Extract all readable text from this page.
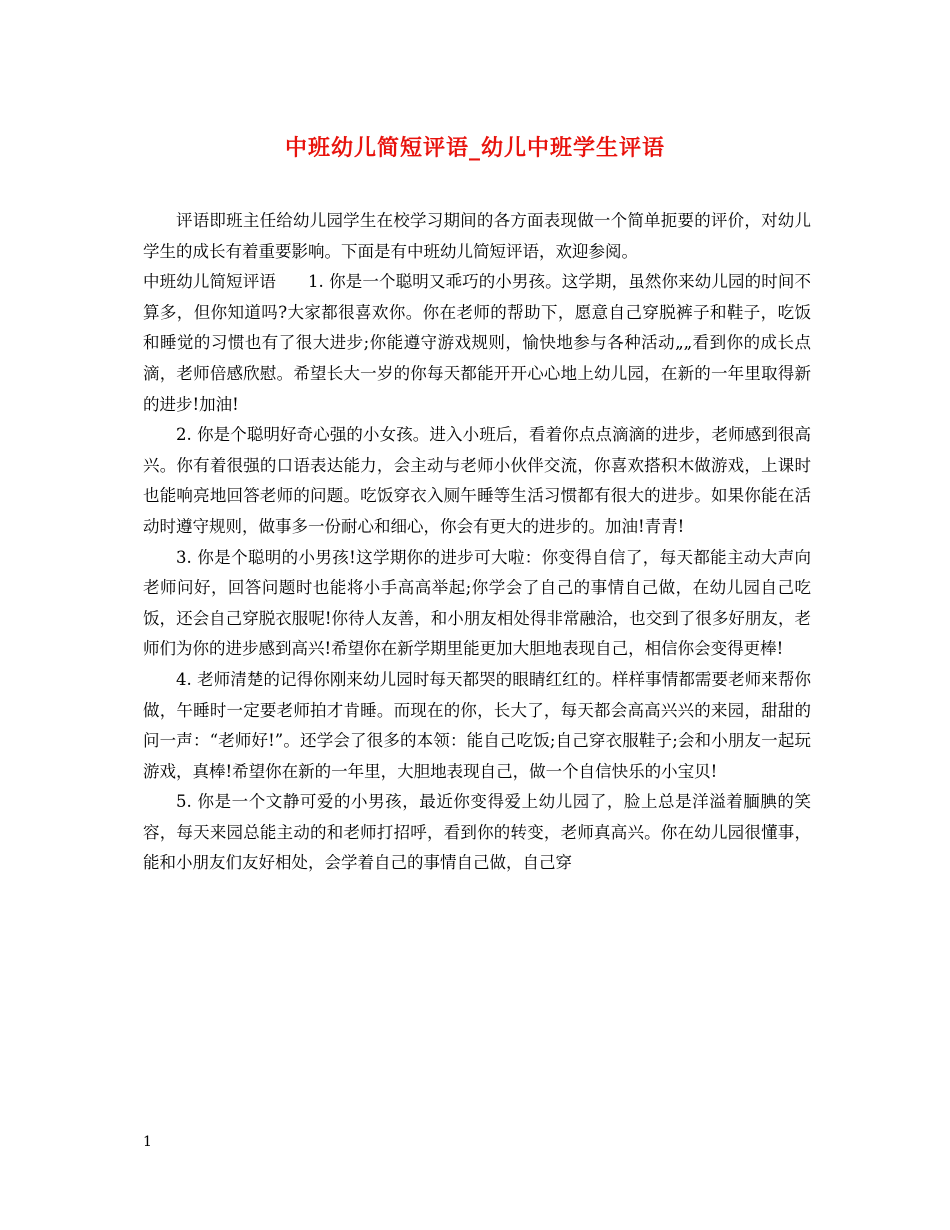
中班幼儿简短评语_幼儿中班学生评语

评语即班主任给幼儿园学生在校学习期间的各方面表现做一个简单扼要的评价，对幼儿学生的成长有着重要影响。下面是有中班幼儿简短评语，欢迎参阅。

中班幼儿简短评语 1. 你是一个聪明又乖巧的小男孩。这学期，虽然你来幼儿园的时间不算多，但你知道吗?大家都很喜欢你。你在老师的帮助下，愿意自己穿脱裤子和鞋子，吃饭和睡觉的习惯也有了很大进步;你能遵守游戏规则，愉快地参与各种活动„„看到你的成长点滴，老师倍感欣慰。希望长大一岁的你每天都能开开心心地上幼儿园，在新的一年里取得新的进步!加油!

2. 你是个聪明好奇心强的小女孩。进入小班后，看着你点点滴滴的进步，老师感到很高兴。你有着很强的口语表达能力，会主动与老师小伙伴交流，你喜欢搭积木做游戏，上课时也能响亮地回答老师的问题。吃饭穿衣入厕午睡等生活习惯都有很大的进步。如果你能在活动时遵守规则，做事多一份耐心和细心，你会有更大的进步的。加油!青青!

3. 你是个聪明的小男孩!这学期你的进步可大啦：你变得自信了，每天都能主动大声向老师问好，回答问题时也能将小手高高举起;你学会了自己的事情自己做，在幼儿园自己吃饭，还会自己穿脱衣服呢!你待人友善，和小朋友相处得非常融洽，也交到了很多好朋友，老师们为你的进步感到高兴!希望你在新学期里能更加大胆地表现自己，相信你会变得更棒!

4. 老师清楚的记得你刚来幼儿园时每天都哭的眼睛红红的。样样事情都需要老师来帮你做，午睡时一定要老师拍才肯睡。而现在的你，长大了，每天都会高高兴兴的来园，甜甜的问一声：“老师好!”。还学会了很多的本领：能自己吃饭;自己穿衣服鞋子;会和小朋友一起玩游戏，真棒!希望你在新的一年里，大胆地表现自己，做一个自信快乐的小宝贝!

5. 你是一个文静可爱的小男孩，最近你变得爱上幼儿园了，脸上总是洋溢着腼腆的笑容，每天来园总能主动的和老师打招呼，看到你的转变，老师真高兴。你在幼儿园很懂事，能和小朋友们友好相处，会学着自己的事情自己做，自己穿

1
